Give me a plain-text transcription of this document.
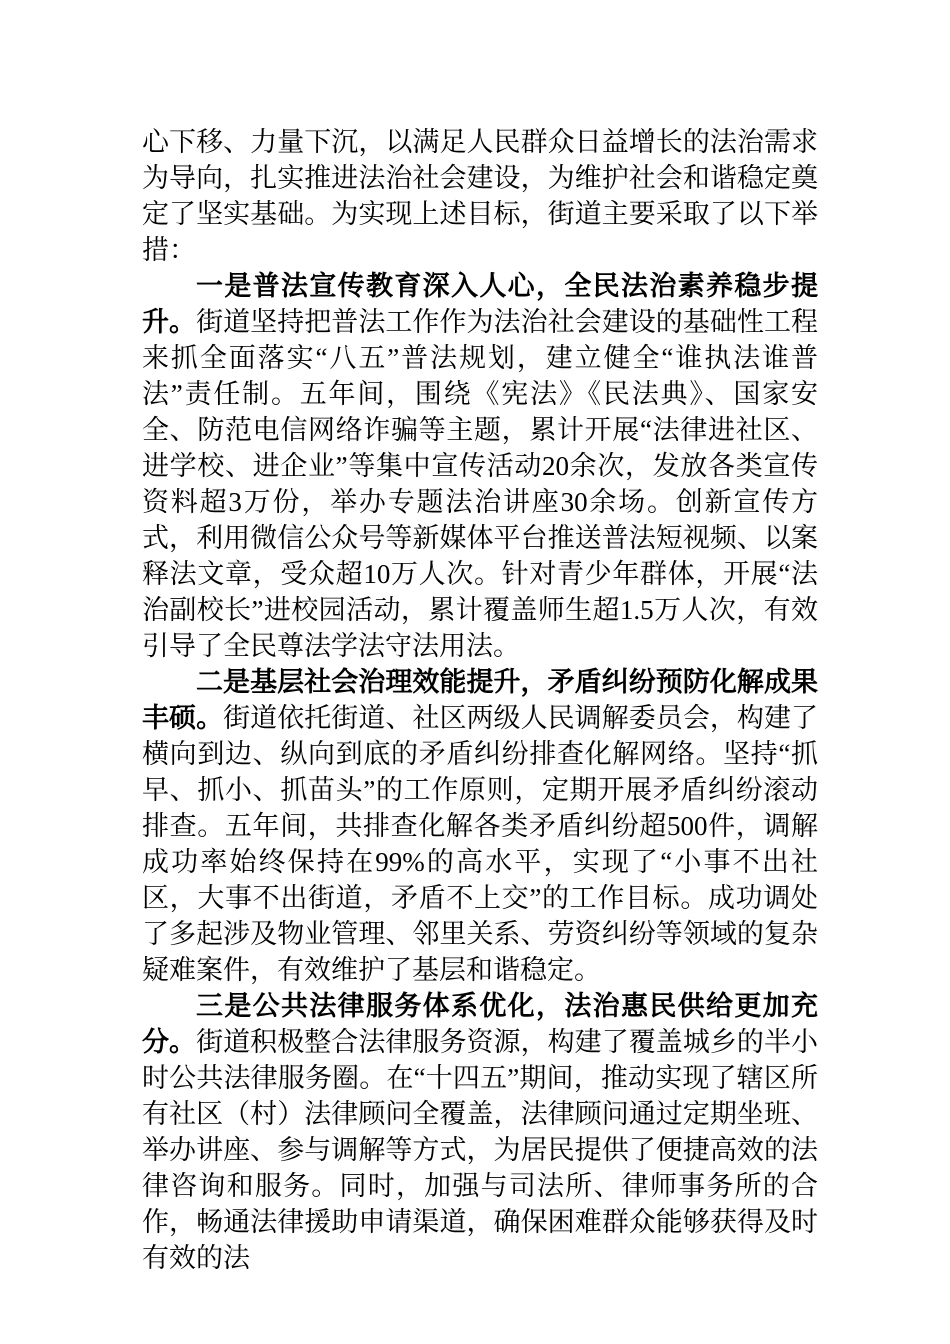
心下移、力量下沉，以满足人民群众日益增长的法治需求为导向，扎实推进法治社会建设，为维护社会和谐稳定奠定了坚实基础。为实现上述目标，街道主要采取了以下举措：

一是普法宣传教育深入人心，全民法治素养稳步提升。街道坚持把普法工作作为法治社会建设的基础性工程来抓全面落实“八五”普法规划，建立健全“谁执法谁普法”责任制。五年间，围绕《宪法》《民法典》、国家安全、防范电信网络诈骗等主题，累计开展“法律进社区、进学校、进企业”等集中宣传活动20余次，发放各类宣传资料超3万份，举办专题法治讲座30余场。创新宣传方式，利用微信公众号等新媒体平台推送普法短视频、以案释法文章，受众超10万人次。针对青少年群体，开展“法治副校长”进校园活动，累计覆盖师生超1.5万人次，有效引导了全民尊法学法守法用法。

二是基层社会治理效能提升，矛盾纠纷预防化解成果丰硕。街道依托街道、社区两级人民调解委员会，构建了横向到边、纵向到底的矛盾纠纷排查化解网络。坚持“抓早、抓小、抓苗头”的工作原则，定期开展矛盾纠纷滚动排查。五年间，共排查化解各类矛盾纠纷超500件，调解成功率始终保持在99%的高水平，实现了“小事不出社区，大事不出街道，矛盾不上交”的工作目标。成功调处了多起涉及物业管理、邻里关系、劳资纠纷等领域的复杂疑难案件，有效维护了基层和谐稳定。

三是公共法律服务体系优化，法治惠民供给更加充分。街道积极整合法律服务资源，构建了覆盖城乡的半小时公共法律服务圈。在“十四五”期间，推动实现了辖区所有社区（村）法律顾问全覆盖，法律顾问通过定期坐班、举办讲座、参与调解等方式，为居民提供了便捷高效的法律咨询和服务。同时，加强与司法所、律师事务所的合作，畅通法律援助申请渠道，确保困难群众能够获得及时有效的法
